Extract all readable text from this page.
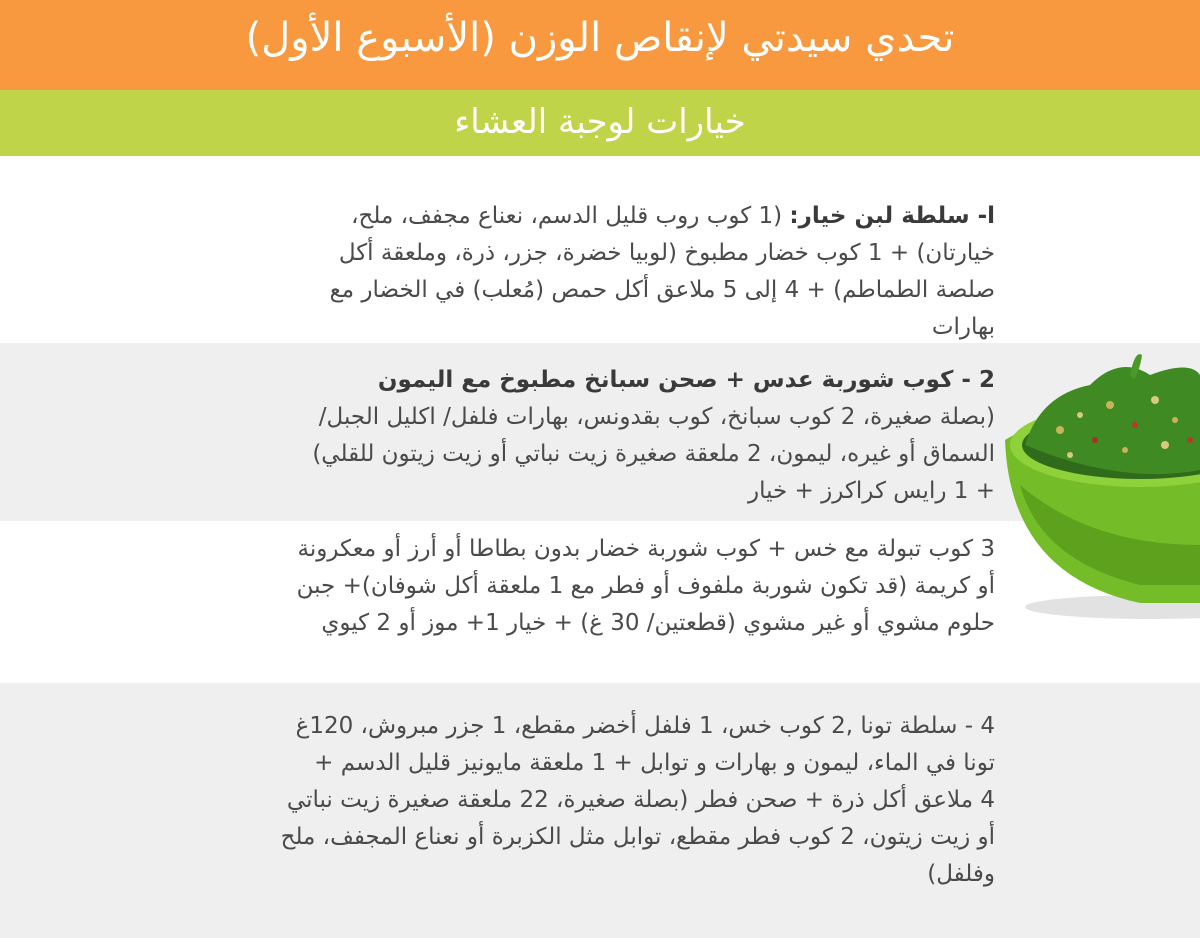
تحدي سيدتي لإنقاص الوزن (الأسبوع الأول)
خيارات لوجبة العشاء
ا- سلطة لبن خيار: (1 كوب روب قليل الدسم، نعناع مجفف، ملح،
خيارتان) + 1 كوب خضار مطبوخ (لوبيا خضرة، جزر، ذرة، وملعقة أكل
صلصة الطماطم) + 4 إلى 5 ملاعق أكل حمص (مُعلب) في الخضار مع
بهارات
2 - كوب شوربة عدس + صحن سبانخ مطبوخ مع اليمون
(بصلة صغيرة، 2 كوب سبانخ، كوب بقدونس، بهارات فلفل/ اكليل الجبل/
السماق أو غيره، ليمون، 2 ملعقة صغيرة زيت نباتي أو زيت زيتون للقلي)
+ 1 رايس كراكرز + خيار
3 كوب تبولة مع خس + كوب شوربة خضار بدون بطاطا أو أرز أو معكرونة
أو كريمة (قد تكون شوربة ملفوف أو فطر مع 1 ملعقة أكل شوفان)+ جبن
حلوم مشوي أو غير مشوي (قطعتين/ 30 غ) + خيار 1+ موز أو 2 كيوي
4 - سلطة تونا ,2 كوب خس، 1 فلفل أخضر مقطع، 1 جزر مبروش، 120غ
تونا في الماء، ليمون و بهارات و توابل + 1 ملعقة مايونيز قليل الدسم +
4 ملاعق أكل ذرة + صحن فطر (بصلة صغيرة، 22 ملعقة صغيرة زيت نباتي
أو زيت زيتون، 2 كوب فطر مقطع، توابل مثل الكزبرة أو نعناع المجفف، ملح
وفلفل)
